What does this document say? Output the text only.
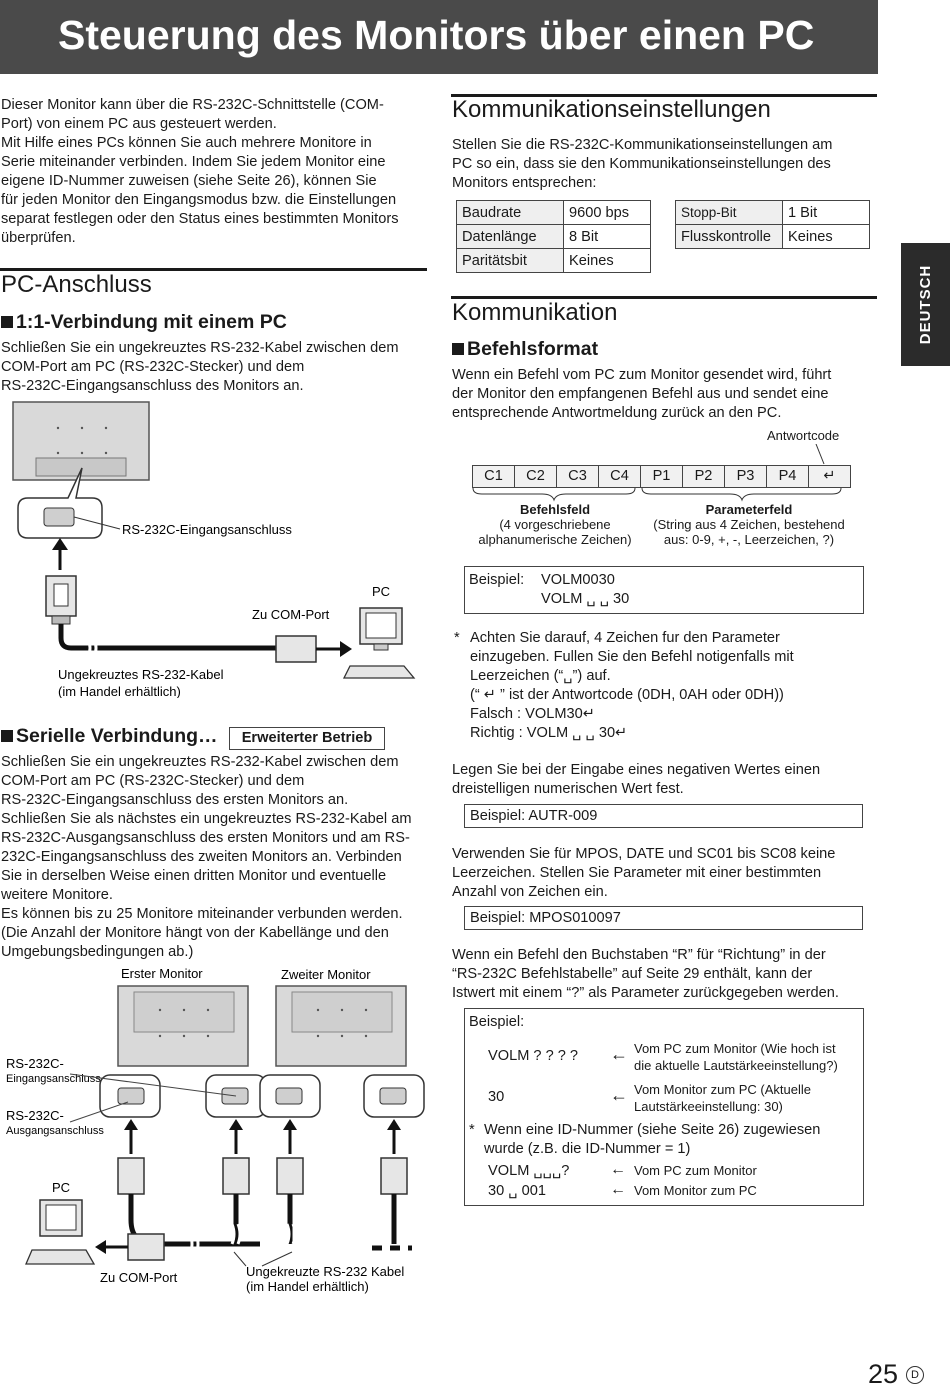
Steuerung des Monitors über einen PC
Dieser Monitor kann über die RS-232C-Schnittstelle (COM-
Port) von einem PC aus gesteuert werden.
Mit Hilfe eines PCs können Sie auch mehrere Monitore in
Serie miteinander verbinden. Indem Sie jedem Monitor eine
eigene ID-Nummer zuweisen (siehe Seite 26), können Sie
für jeden Monitor den Eingangsmodus bzw. die Einstellungen
separat festlegen oder den Status eines bestimmten Monitors
überprüfen.
PC-Anschluss
1:1-Verbindung mit einem PC
Schließen Sie ein ungekreuztes RS-232-Kabel zwischen dem
COM-Port am PC (RS-232C-Stecker) und dem
RS-232C-Eingangsanschluss des Monitors an.
RS-232C-Eingangsanschluss
Zu COM-Port
PC
Ungekreuztes RS-232-Kabel
(im Handel erhältlich)
Serielle Verbindung…	Erweiterter Betrieb
Schließen Sie ein ungekreuztes RS-232-Kabel zwischen dem
COM-Port am PC (RS-232C-Stecker) und dem
RS-232C-Eingangsanschluss des ersten Monitors an.
Schließen Sie als nächstes ein ungekreuztes RS-232-Kabel am
RS-232C-Ausgangsanschluss des ersten Monitors und am RS-
232C-Eingangsanschluss des zweiten Monitors an. Verbinden
Sie in derselben Weise einen dritten Monitor und eventuelle
weitere Monitore.
Es können bis zu 25 Monitore miteinander verbunden werden.
(Die Anzahl der Monitore hängt von der Kabellänge und den
Umgebungsbedingungen ab.)
Erster Monitor	Zweiter Monitor
RS-232C-
Eingangsanschluss
RS-232C-
Ausgangsanschluss
PC
Zu COM-Port	Ungekreuzte RS-232 Kabel
(im Handel erhältlich)
Kommunikationseinstellungen
Stellen Sie die RS-232C-Kommunikationseinstellungen am
PC so ein, dass sie den Kommunikationseinstellungen des
Monitors entsprechen:
Baudrate	9600 bps
Datenlänge	8 Bit
Paritätsbit	Keines
Stopp-Bit	1 Bit
Flusskontrolle	Keines
Kommunikation
Befehlsformat
Wenn ein Befehl vom PC zum Monitor gesendet wird, führt
der Monitor den empfangenen Befehl aus und sendet eine
entsprechende Antwortmeldung zurück an den PC.
Antwortcode
C1 C2 C3 C4 P1 P2 P3 P4 ↵
Befehlsfeld
(4 vorgeschriebene
alphanumerische Zeichen)
Parameterfeld
(String aus 4 Zeichen, bestehend
aus: 0-9, +, -, Leerzeichen, ?)
Beispiel: VOLM0030
VOLM ␣ ␣ 30
* Achten Sie darauf, 4 Zeichen fur den Parameter
einzugeben. Fullen Sie den Befehl notigenfalls mit
Leerzeichen (“␣”) auf.
(“ ↵ ” ist der Antwortcode (0DH, 0AH oder 0DH))
Falsch : VOLM30↵
Richtig : VOLM ␣ ␣ 30↵
Legen Sie bei der Eingabe eines negativen Wertes einen
dreistelligen numerischen Wert fest.
Beispiel: AUTR-009
Verwenden Sie für MPOS, DATE und SC01 bis SC08 keine
Leerzeichen. Stellen Sie Parameter mit einer bestimmten
Anzahl von Zeichen ein.
Beispiel: MPOS010097
Wenn ein Befehl den Buchstaben “R” für “Richtung” in der
“RS-232C Befehlstabelle” auf Seite 29 enthält, kann der
Istwert mit einem “?” als Parameter zurückgegeben werden.
Beispiel:
VOLM ? ? ? ? ← Vom PC zum Monitor (Wie hoch ist
die aktuelle Lautstärkeeinstellung?)
30	← Vom Monitor zum PC (Aktuelle
Lautstärkeeinstellung: 30)
* Wenn eine ID-Nummer (siehe Seite 26) zugewiesen
wurde (z.B. die ID-Nummer = 1)
VOLM ␣␣␣?	← Vom PC zum Monitor
30 ␣ 001	← Vom Monitor zum PC
DEUTSCH
25	D
